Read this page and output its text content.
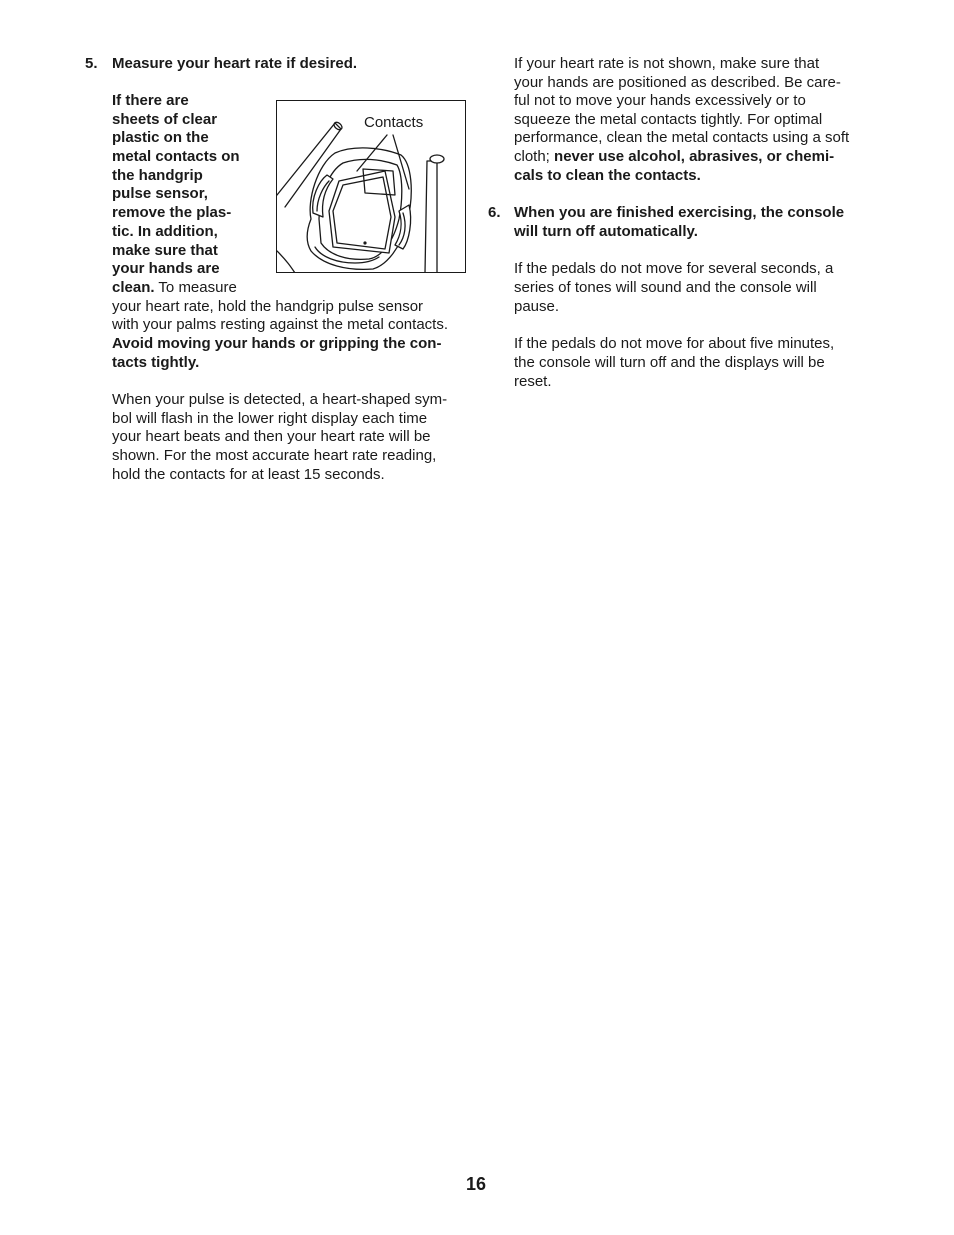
5. Measure your heart rate if desired.
If there are
sheets of clear
plastic on the
metal contacts on
the handgrip
pulse sensor,
remove the plas-
tic. In addition,
make sure that
your hands are
clean. To measure
your heart rate, hold the handgrip pulse sensor
with your palms resting against the metal contacts.
Avoid moving your hands or gripping the con-
tacts tightly.
When your pulse is detected, a heart-shaped sym-
bol will flash in the lower right display each time
your heart beats and then your heart rate will be
shown. For the most accurate heart rate reading,
hold the contacts for at least 15 seconds.
Contacts
If your heart rate is not shown, make sure that
your hands are positioned as described. Be care-
ful not to move your hands excessively or to
squeeze the metal contacts tightly. For optimal
performance, clean the metal contacts using a soft
cloth; never use alcohol, abrasives, or chemi-
cals to clean the contacts.
6. When you are finished exercising, the console
will turn off automatically.
If the pedals do not move for several seconds, a
series of tones will sound and the console will
pause.
If the pedals do not move for about five minutes,
the console will turn off and the displays will be
reset.
16
